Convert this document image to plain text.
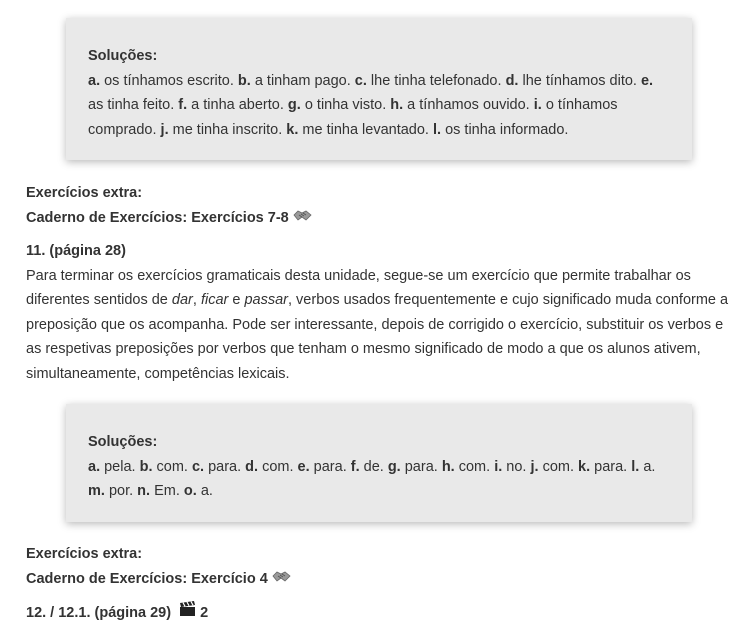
Soluções:
a. os tínhamos escrito. b. a tinham pago. c. lhe tinha telefonado. d. lhe tínhamos dito. e. as tinha feito. f. a tinha aberto. g. o tinha visto. h. a tínhamos ouvido. i. o tínhamos comprado. j. me tinha inscrito. k. me tinha levantado. l. os tinha informado.
Exercícios extra:
Caderno de Exercícios: Exercícios 7-8
11. (página 28)
Para terminar os exercícios gramaticais desta unidade, segue-se um exercício que permite trabalhar os diferentes sentidos de dar, ficar e passar, verbos usados frequentemente e cujo significado muda conforme a preposição que os acompanha. Pode ser interessante, depois de corrigido o exercício, substituir os verbos e as respetivas preposições por verbos que tenham o mesmo significado de modo a que os alunos ativem, simultaneamente, competências lexicais.
Soluções:
a. pela. b. com. c. para. d. com. e. para. f. de. g. para. h. com. i. no. j. com. k. para. l. a. m. por. n. Em. o. a.
Exercícios extra:
Caderno de Exercícios: Exercício 4
12. / 12.1. (página 29) 2
